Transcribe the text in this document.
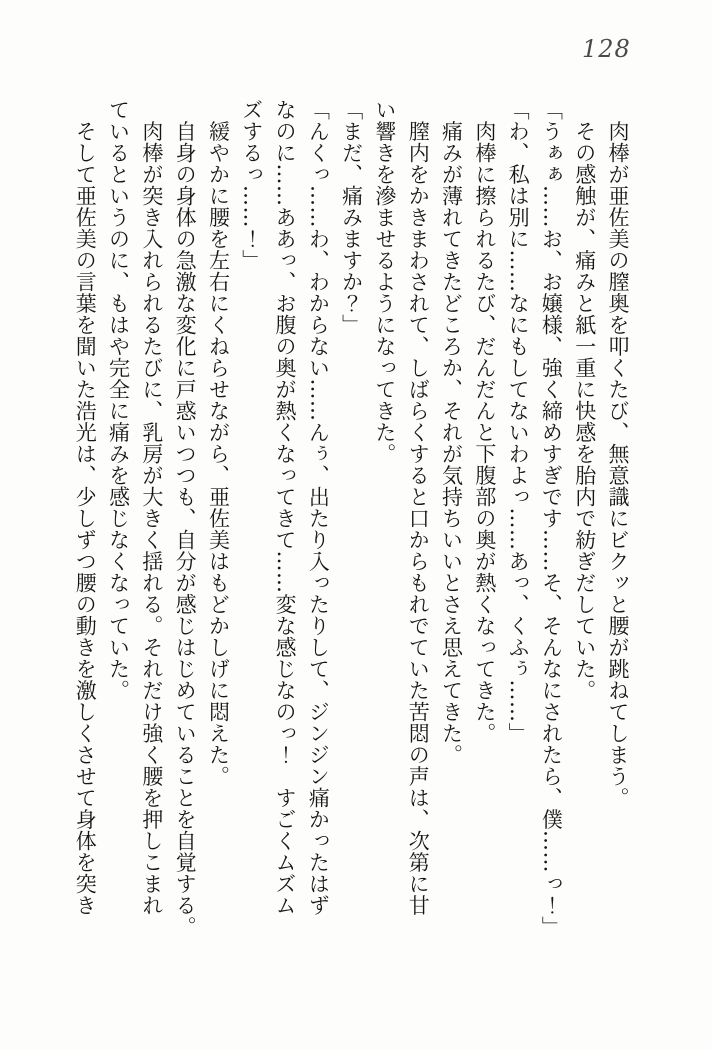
128

　肉棒が亜佐美の膣奥を叩くたび、無意識にビクッと腰が跳ねてしまう。

　その感触が、痛みと紙一重に快感を胎内で紡ぎだしていた。

「うぁぁ……お、お嬢様、強く締めすぎです……そ、そんなにされたら、僕……っ！」

「わ、私は別に……なにもしてないわよっ……あっ、くふぅ……」

　肉棒に擦られるたび、だんだんと下腹部の奥が熱くなってきた。

　痛みが薄れてきたどころか、それが気持ちいいとさえ思えてきた。

　膣内をかきまわされて、しばらくすると口からもれでていた苦悶の声は、次第に甘

い響きを滲ませるようになってきた。

「まだ、痛みますか？」

「んくっ……わ、わからない……んぅ、出たり入ったりして、ジンジン痛かったはず

なのに……ああっ、お腹の奥が熱くなってきて……変な感じなのっ！　すごくムズム

ズするっ……！」

　緩やかに腰を左右にくねらせながら、亜佐美はもどかしげに悶えた。

　自身の身体の急激な変化に戸惑いつつも、自分が感じはじめていることを自覚する。

　肉棒が突き入れられるたびに、乳房が大きく揺れる。それだけ強く腰を押しこまれ

ているというのに、もはや完全に痛みを感じなくなっていた。

　そして亜佐美の言葉を聞いた浩光は、少しずつ腰の動きを激しくさせて身体を突き
